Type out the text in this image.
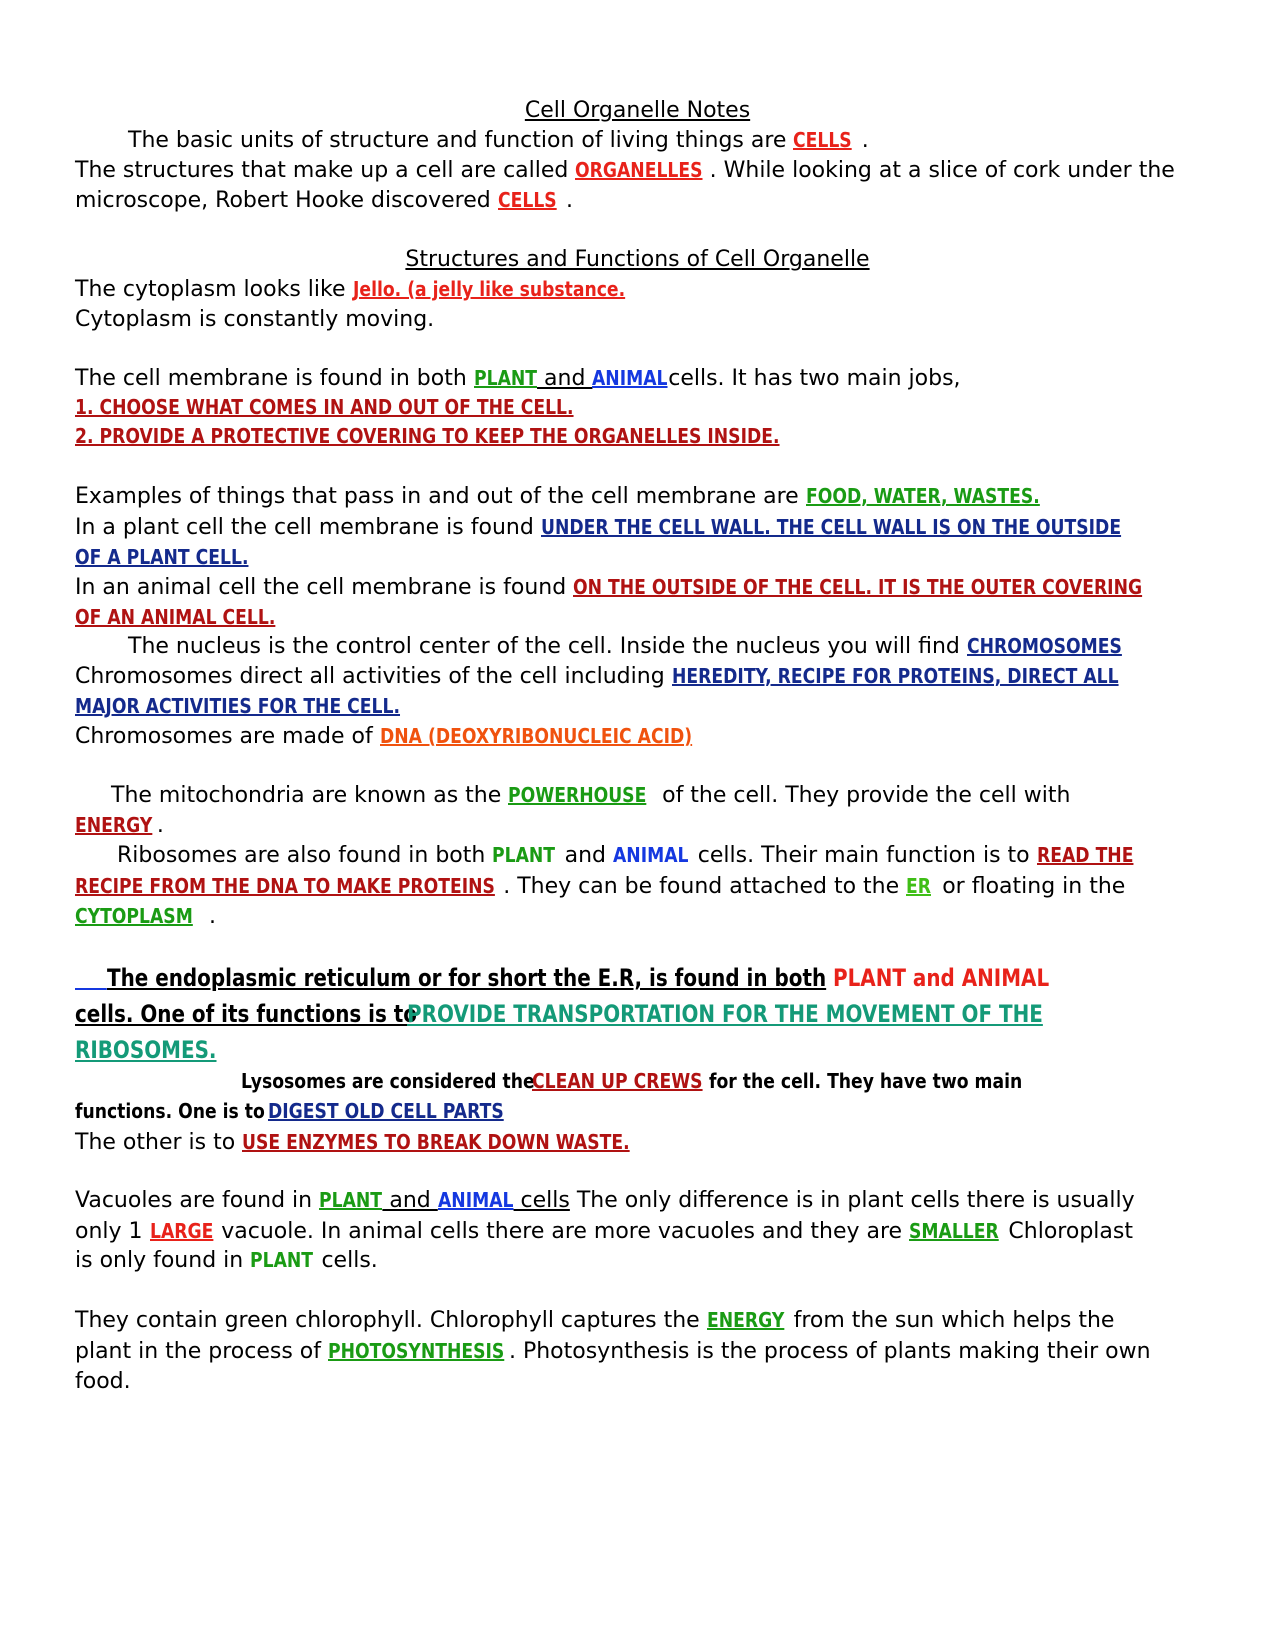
Cell Organelle Notes
The basic units of structure and function of living things are CELLS .
The structures that make up a cell are called ORGANELLES . While looking at a slice of cork under the
microscope, Robert Hooke discovered CELLS .
Structures and Functions of Cell Organelle
The cytoplasm looks like Jello. (a jelly like substance.
Cytoplasm is constantly moving.
The cell membrane is found in both PLANT and ANIMALcells. It has two main jobs,
1. CHOOSE WHAT COMES IN AND OUT OF THE CELL.
2. PROVIDE A PROTECTIVE COVERING TO KEEP THE ORGANELLES INSIDE.
Examples of things that pass in and out of the cell membrane are FOOD, WATER, WASTES.
In a plant cell the cell membrane is found UNDER THE CELL WALL. THE CELL WALL IS ON THE OUTSIDE
OF A PLANT CELL.
In an animal cell the cell membrane is found ON THE OUTSIDE OF THE CELL. IT IS THE OUTER COVERING
OF AN ANIMAL CELL.
The nucleus is the control center of the cell. Inside the nucleus you will find CHROMOSOMES
Chromosomes direct all activities of the cell including HEREDITY, RECIPE FOR PROTEINS, DIRECT ALL
MAJOR ACTIVITIES FOR THE CELL.
Chromosomes are made of DNA (DEOXYRIBONUCLEIC ACID)
The mitochondria are known as the POWERHOUSE of the cell. They provide the cell with
ENERGY .
Ribosomes are also found in both PLANT and ANIMAL cells. Their main function is to READ THE
RECIPE FROM THE DNA TO MAKE PROTEINS . They can be found attached to the ER or floating in the
CYTOPLASM .
The endoplasmic reticulum or for short the E.R, is found in bothPLANT and ANIMAL
cells. One of its functions is toPROVIDE TRANSPORTATION FOR THE MOVEMENT OF THE
RIBOSOMES.
Lysosomes are considered theCLEAN UP CREWSfor the cell. They have two main
functions. One is toDIGEST OLD CELL PARTS
The other is to USE ENZYMES TO BREAK DOWN WASTE.
Vacuoles are found in PLANT and ANIMAL cells The only difference is in plant cells there is usually
only 1 LARGE vacuole. In animal cells there are more vacuoles and they are SMALLER Chloroplast
is only found in PLANT cells.
They contain green chlorophyll. Chlorophyll captures the ENERGY from the sun which helps the
plant in the process of PHOTOSYNTHESIS . Photosynthesis is the process of plants making their own
food.
